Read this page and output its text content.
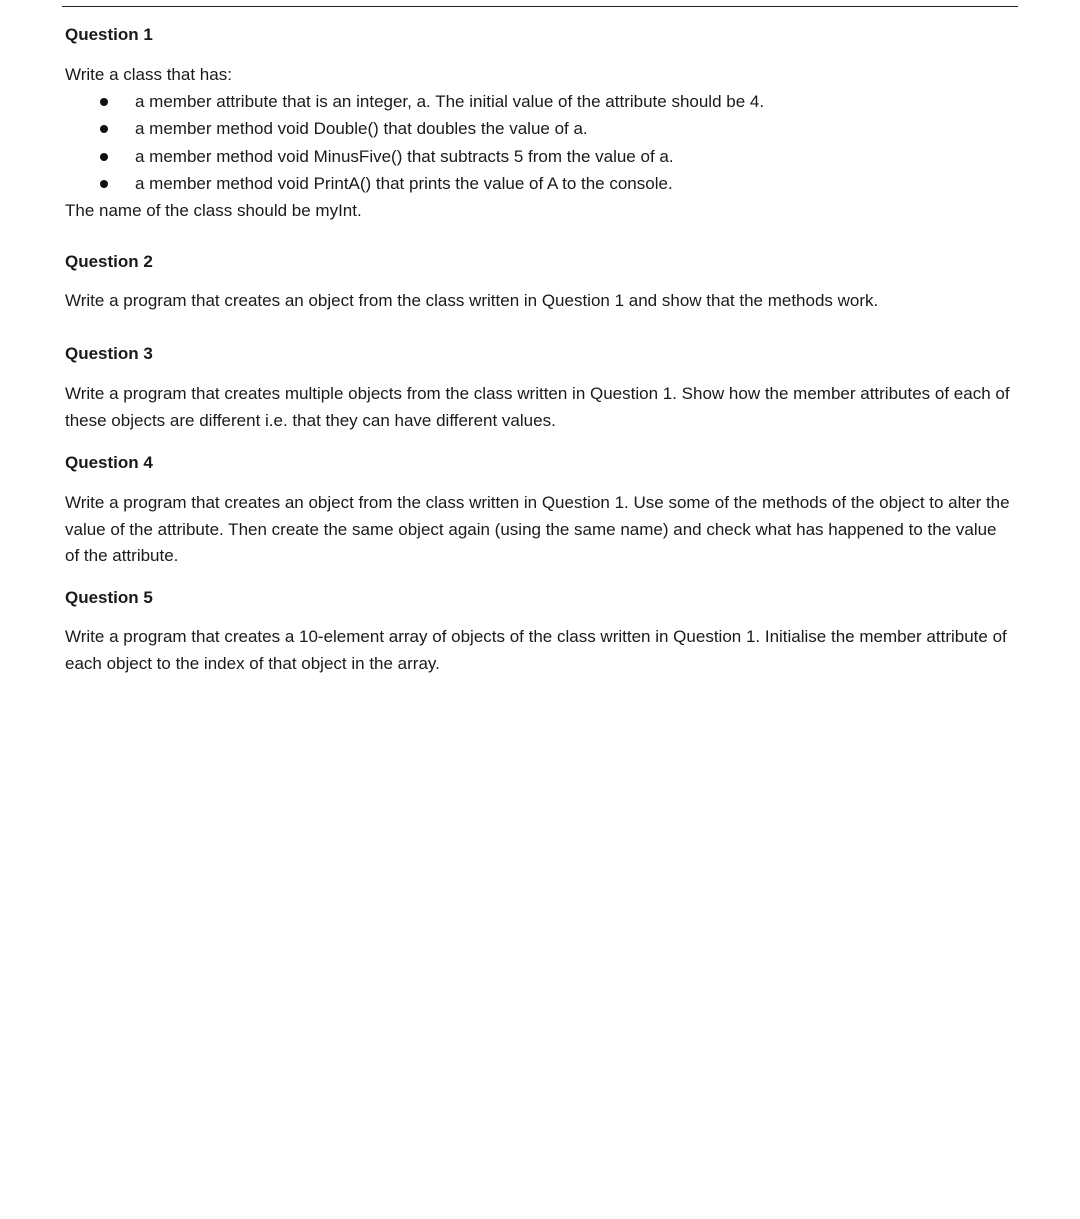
Question 1
Write a class that has:
a member attribute that is an integer, a. The initial value of the attribute should be 4.
a member method void Double() that doubles the value of a.
a member method void MinusFive() that subtracts 5 from the value of a.
a member method void PrintA() that prints the value of A to the console.
The name of the class should be myInt.
Question 2
Write a program that creates an object from the class written in Question 1 and show that the methods work.
Question 3
Write a program that creates multiple objects from the class written in Question 1. Show how the member attributes of each of these objects are different i.e. that they can have different values.
Question 4
Write a program that creates an object from the class written in Question 1. Use some of the methods of the object to alter the value of the attribute. Then create the same object again (using the same name) and check what has happened to the value of the attribute.
Question 5
Write a program that creates a 10-element array of objects of the class written in Question 1. Initialise the member attribute of each object to the index of that object in the array.
